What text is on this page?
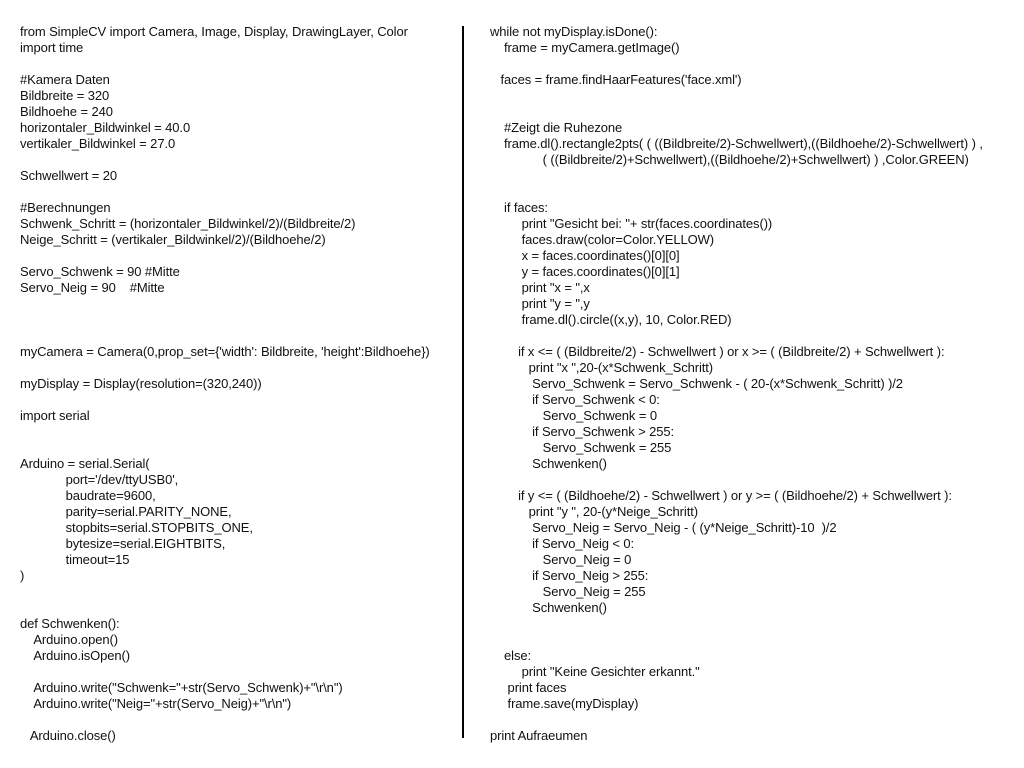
from SimpleCV import Camera, Image, Display, DrawingLayer, Color
import time

#Kamera Daten
Bildbreite = 320
Bildhoehe = 240
horizontaler_Bildwinkel = 40.0
vertikaler_Bildwinkel = 27.0

Schwellwert = 20

#Berechnungen
Schwenk_Schritt = (horizontaler_Bildwinkel/2)/(Bildbreite/2)
Neige_Schritt = (vertikaler_Bildwinkel/2)/(Bildhoehe/2)

Servo_Schwenk = 90 #Mitte
Servo_Neig = 90    #Mitte

myCamera = Camera(0,prop_set={'width': Bildbreite, 'height':Bildhoehe})

myDisplay = Display(resolution=(320,240))

import serial

Arduino = serial.Serial(
port='/dev/ttyUSB0',
baudrate=9600,
parity=serial.PARITY_NONE,
stopbits=serial.STOPBITS_ONE,
bytesize=serial.EIGHTBITS,
timeout=15
)

def Schwenken():
Arduino.open()
Arduino.isOpen()

Arduino.write("Schwenk="+str(Servo_Schwenk)+"\r\n")
Arduino.write("Neig="+str(Servo_Neig)+"\r\n")

Arduino.close()
while not myDisplay.isDone():
frame = myCamera.getImage()

faces = frame.findHaarFeatures('face.xml')

#Zeigt die Ruhezone
frame.dl().rectangle2pts( ( ((Bildbreite/2)-Schwellwert),((Bildhoehe/2)-Schwellwert) ) ,
( ((Bildbreite/2)+Schwellwert),((Bildhoehe/2)+Schwellwert) ) ,Color.GREEN)

if faces:
print "Gesicht bei: "+ str(faces.coordinates())
faces.draw(color=Color.YELLOW)
x = faces.coordinates()[0][0]
y = faces.coordinates()[0][1]
print "x = ",x
print "y = ",y
frame.dl().circle((x,y), 10, Color.RED)

if x <= ( (Bildbreite/2) - Schwellwert ) or x >= ( (Bildbreite/2) + Schwellwert ):
print "x ",20-(x*Schwenk_Schritt)
Servo_Schwenk = Servo_Schwenk - ( 20-(x*Schwenk_Schritt) )/2
if Servo_Schwenk < 0:
Servo_Schwenk = 0
if Servo_Schwenk > 255:
Servo_Schwenk = 255
Schwenken()

if y <= ( (Bildhoehe/2) - Schwellwert ) or y >= ( (Bildhoehe/2) + Schwellwert ):
print "y ", 20-(y*Neige_Schritt)
Servo_Neig = Servo_Neig - ( (y*Neige_Schritt)-10  )/2
if Servo_Neig < 0:
Servo_Neig = 0
if Servo_Neig > 255:
Servo_Neig = 255
Schwenken()

else:
print "Keine Gesichter erkannt."
print faces
frame.save(myDisplay)

print Aufraeumen
